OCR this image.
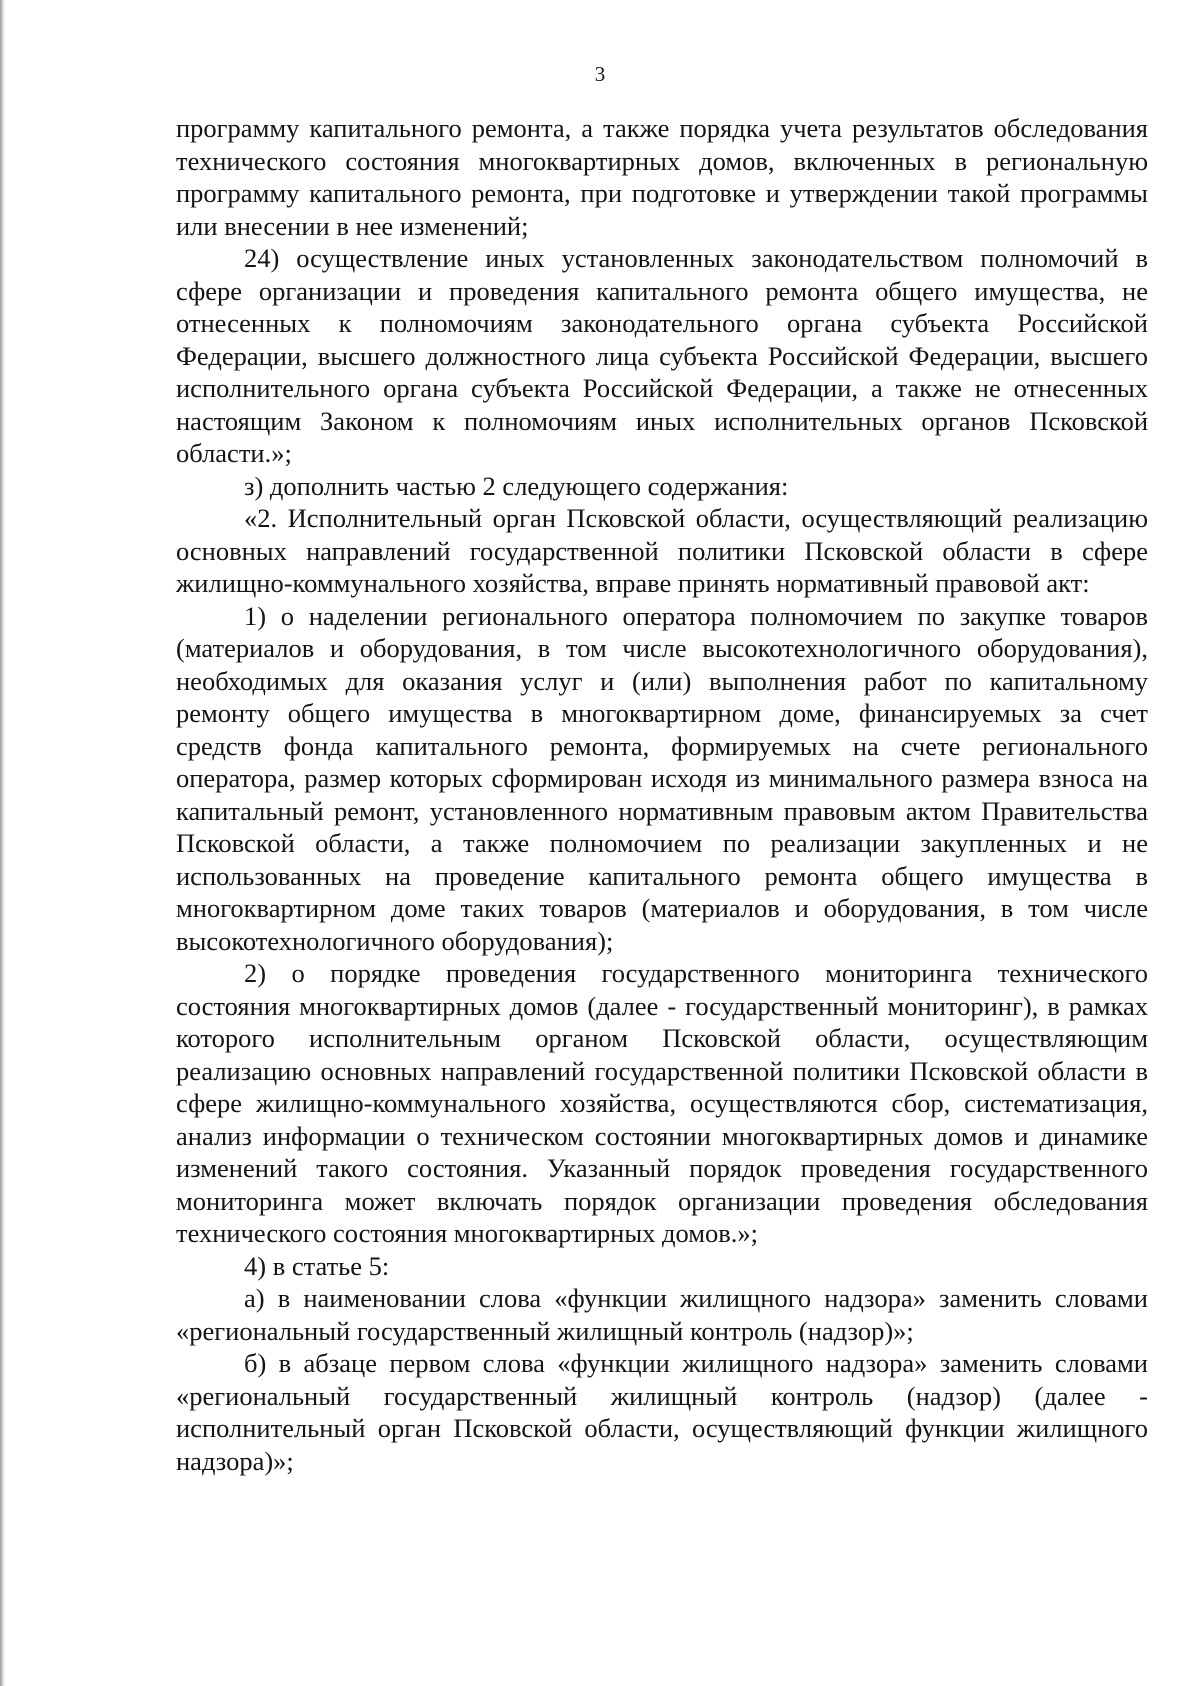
3

программу капитального ремонта, а также порядка учета результатов обследования технического состояния многоквартирных домов, включенных в региональную программу капитального ремонта, при подготовке и утверждении такой программы или внесении в нее изменений;

24) осуществление иных установленных законодательством полномочий в сфере организации и проведения капитального ремонта общего имущества, не отнесенных к полномочиям законодательного органа субъекта Российской Федерации, высшего должностного лица субъекта Российской Федерации, высшего исполнительного органа субъекта Российской Федерации, а также не отнесенных настоящим Законом к полномочиям иных исполнительных органов Псковской области.»;

з) дополнить частью 2 следующего содержания:

«2. Исполнительный орган Псковской области, осуществляющий реализацию основных направлений государственной политики Псковской области в сфере жилищно-коммунального хозяйства, вправе принять нормативный правовой акт:

1) о наделении регионального оператора полномочием по закупке товаров (материалов и оборудования, в том числе высокотехнологичного оборудования), необходимых для оказания услуг и (или) выполнения работ по капитальному ремонту общего имущества в многоквартирном доме, финансируемых за счет средств фонда капитального ремонта, формируемых на счете регионального оператора, размер которых сформирован исходя из минимального размера взноса на капитальный ремонт, установленного нормативным правовым актом Правительства Псковской области, а также полномочием по реализации закупленных и не использованных на проведение капитального ремонта общего имущества в многоквартирном доме таких товаров (материалов и оборудования, в том числе высокотехнологичного оборудования);

2) о порядке проведения государственного мониторинга технического состояния многоквартирных домов (далее - государственный мониторинг), в рамках которого исполнительным органом Псковской области, осуществляющим реализацию основных направлений государственной политики Псковской области в сфере жилищно-коммунального хозяйства, осуществляются сбор, систематизация, анализ информации о техническом состоянии многоквартирных домов и динамике изменений такого состояния. Указанный порядок проведения государственного мониторинга может включать порядок организации проведения обследования технического состояния многоквартирных домов.»;

4) в статье 5:

а) в наименовании слова «функции жилищного надзора» заменить словами «региональный государственный жилищный контроль (надзор)»;

б) в абзаце первом слова «функции жилищного надзора» заменить словами «региональный государственный жилищный контроль (надзор) (далее - исполнительный орган Псковской области, осуществляющий функции жилищного надзора)»;
